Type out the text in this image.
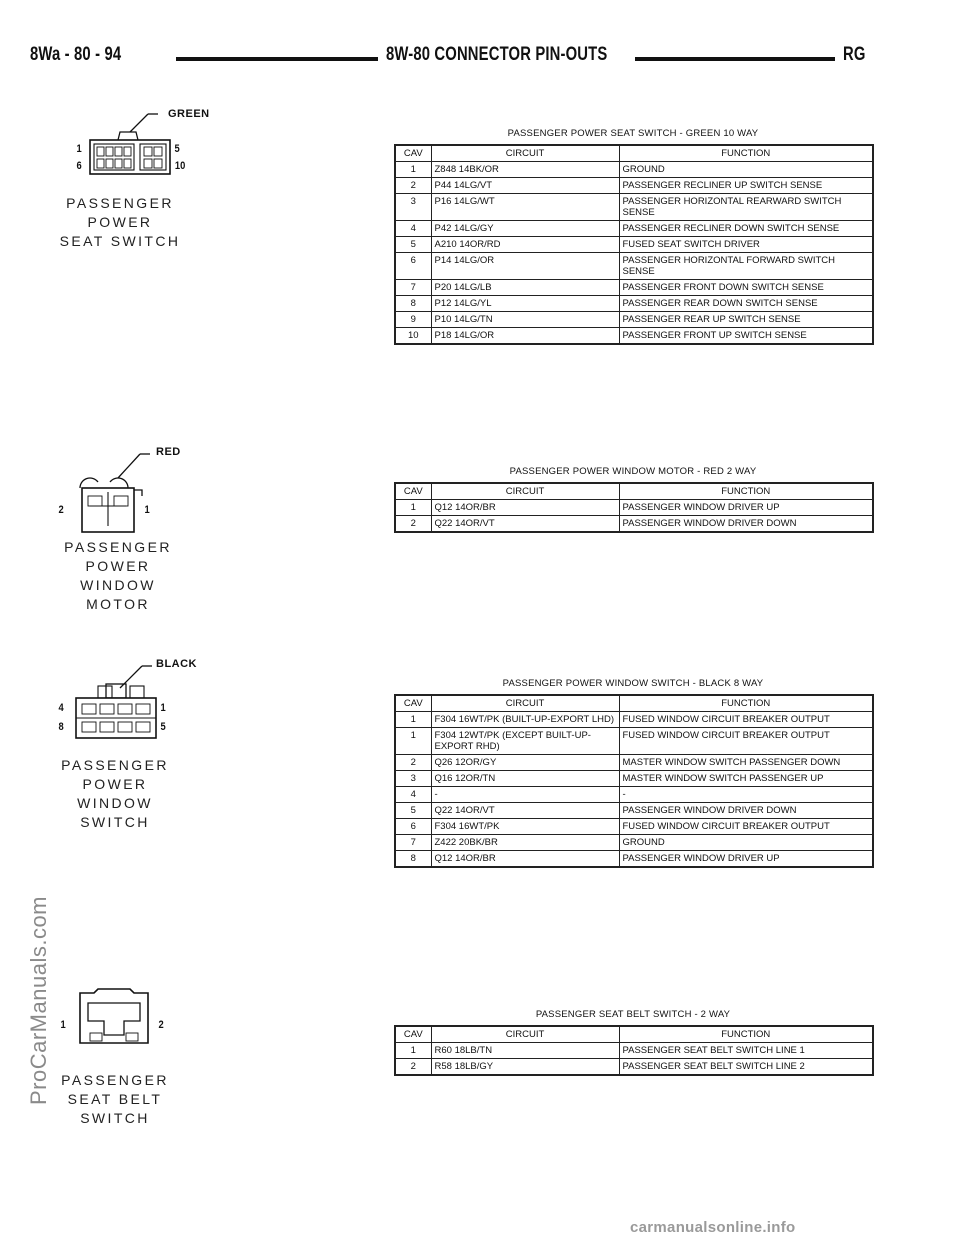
8Wa - 80 - 94	8W-80 CONNECTOR PIN-OUTS	RG
GREEN
1	5
6	10
PASSENGER POWER
SEAT SWITCH
RED
2	1
PASSENGER
POWER
WINDOW
MOTOR
BLACK
4	1
8	5
PASSENGER
POWER
WINDOW
SWITCH
1	2
PASSENGER
SEAT BELT
SWITCH
PASSENGER POWER SEAT SWITCH - GREEN 10 WAY
CAV	CIRCUIT	FUNCTION
1	Z848 14BK/OR	GROUND
2	P44 14LG/VT	PASSENGER RECLINER UP SWITCH SENSE
3	P16 14LG/WT	PASSENGER HORIZONTAL REARWARD SWITCH SENSE
4	P42 14LG/GY	PASSENGER RECLINER DOWN SWITCH SENSE
5	A210 14OR/RD	FUSED SEAT SWITCH DRIVER
6	P14 14LG/OR	PASSENGER HORIZONTAL FORWARD SWITCH SENSE
7	P20 14LG/LB	PASSENGER FRONT DOWN SWITCH SENSE
8	P12 14LG/YL	PASSENGER REAR DOWN SWITCH SENSE
9	P10 14LG/TN	PASSENGER REAR UP SWITCH SENSE
10	P18 14LG/OR	PASSENGER FRONT UP SWITCH SENSE
PASSENGER POWER WINDOW MOTOR - RED 2 WAY
CAV	CIRCUIT	FUNCTION
1	Q12 14OR/BR	PASSENGER WINDOW DRIVER UP
2	Q22 14OR/VT	PASSENGER WINDOW DRIVER DOWN
PASSENGER POWER WINDOW SWITCH - BLACK 8 WAY
CAV	CIRCUIT	FUNCTION
1	F304 16WT/PK (BUILT-UP-EXPORT LHD)	FUSED WINDOW CIRCUIT BREAKER OUTPUT
1	F304 12WT/PK (EXCEPT BUILT-UP-EXPORT RHD)	FUSED WINDOW CIRCUIT BREAKER OUTPUT
2	Q26 12OR/GY	MASTER WINDOW SWITCH PASSENGER DOWN
3	Q16 12OR/TN	MASTER WINDOW SWITCH PASSENGER UP
4	-	-
5	Q22 14OR/VT	PASSENGER WINDOW DRIVER DOWN
6	F304 16WT/PK	FUSED WINDOW CIRCUIT BREAKER OUTPUT
7	Z422 20BK/BR	GROUND
8	Q12 14OR/BR	PASSENGER WINDOW DRIVER UP
PASSENGER SEAT BELT SWITCH - 2 WAY
CAV	CIRCUIT	FUNCTION
1	R60 18LB/TN	PASSENGER SEAT BELT SWITCH LINE 1
2	R58 18LB/GY	PASSENGER SEAT BELT SWITCH LINE 2
ProCarManuals.com
carmanualsonline.info
